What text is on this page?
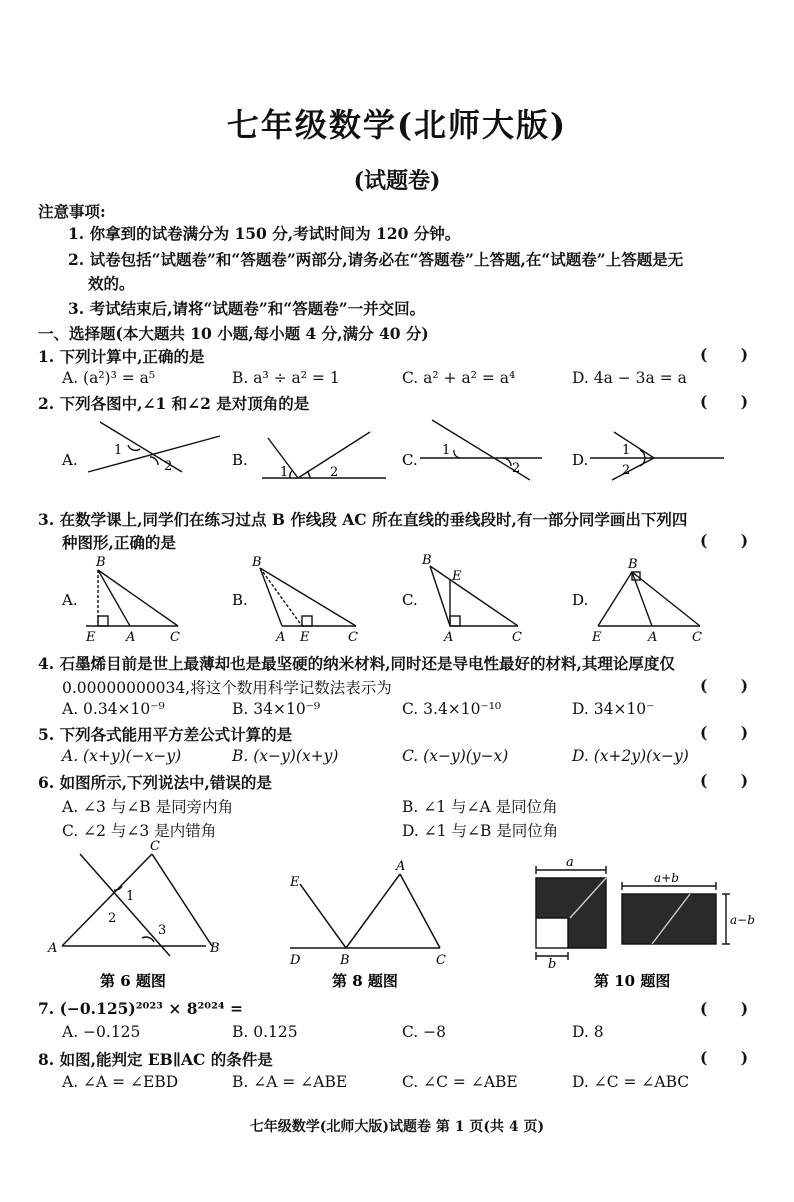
七年级数学(北师大版)
(试题卷)
注意事项:
1. 你拿到的试卷满分为 150 分,考试时间为 120 分钟。
2. 试卷包括“试题卷”和“答题卷”两部分,请务必在“答题卷”上答题,在“试题卷”上答题是无
效的。
3. 考试结束后,请将“试题卷”和“答题卷”一并交回。
一、选择题(本大题共 10 小题,每小题 4 分,满分 40 分)
1. 下列计算中,正确的是	( )
A. (a²)³ = a⁵	B. a³ ÷ a² = 1	C. a² + a² = a⁴	D. 4a − 3a = a
2. 下列各图中,∠1 和∠2 是对顶角的是	( )
A.
1
2	B.
1	2
C.
1
2	D.
1
2
3. 在数学课上,同学们在练习过点 B 作线段 AC 所在直线的垂线段时,有一部分同学画出下列四
种图形,正确的是	( )
A.
B
E A	C
B.
B
E
A	C
C.
B
E
A	C
D.
B
E	A	C
4. 石墨烯目前是世上最薄却也是最坚硬的纳米材料,同时还是导电性最好的材料,其理论厚度仅
0.00000000034,将这个数用科学记数法表示为	( )
A. 0.34×10⁻⁹	B. 34×10⁻⁹	C. 3.4×10⁻¹⁰	D. 34×10⁻
5. 下列各式能用平方差公式计算的是	( )
A. (x+y)(−x−y)	B. (x−y)(x+y)	C. (x−y)(y−x)	D. (x+2y)(x−y)
6. 如图所示,下列说法中,错误的是	( )
A. ∠3 与∠B 是同旁内角	B. ∠1 与∠A 是同位角
C. ∠2 与∠3 是内错角	D. ∠1 与∠B 是同位角
C
1
2
3
A	B
第 6 题图
E
A
D	B	C
第 8 题图
a
a+b
a−b
b
第 10 题图
7. (−0.125)²⁰²³ × 8²⁰²⁴ =	( )
A. −0.125	B. 0.125	C. −8	D. 8
8. 如图,能判定 EB∥AC 的条件是	( )
A. ∠A = ∠EBD	B. ∠A = ∠ABE	C. ∠C = ∠ABE	D. ∠C = ∠ABC
七年级数学(北师大版)试题卷 第 1 页(共 4 页)
